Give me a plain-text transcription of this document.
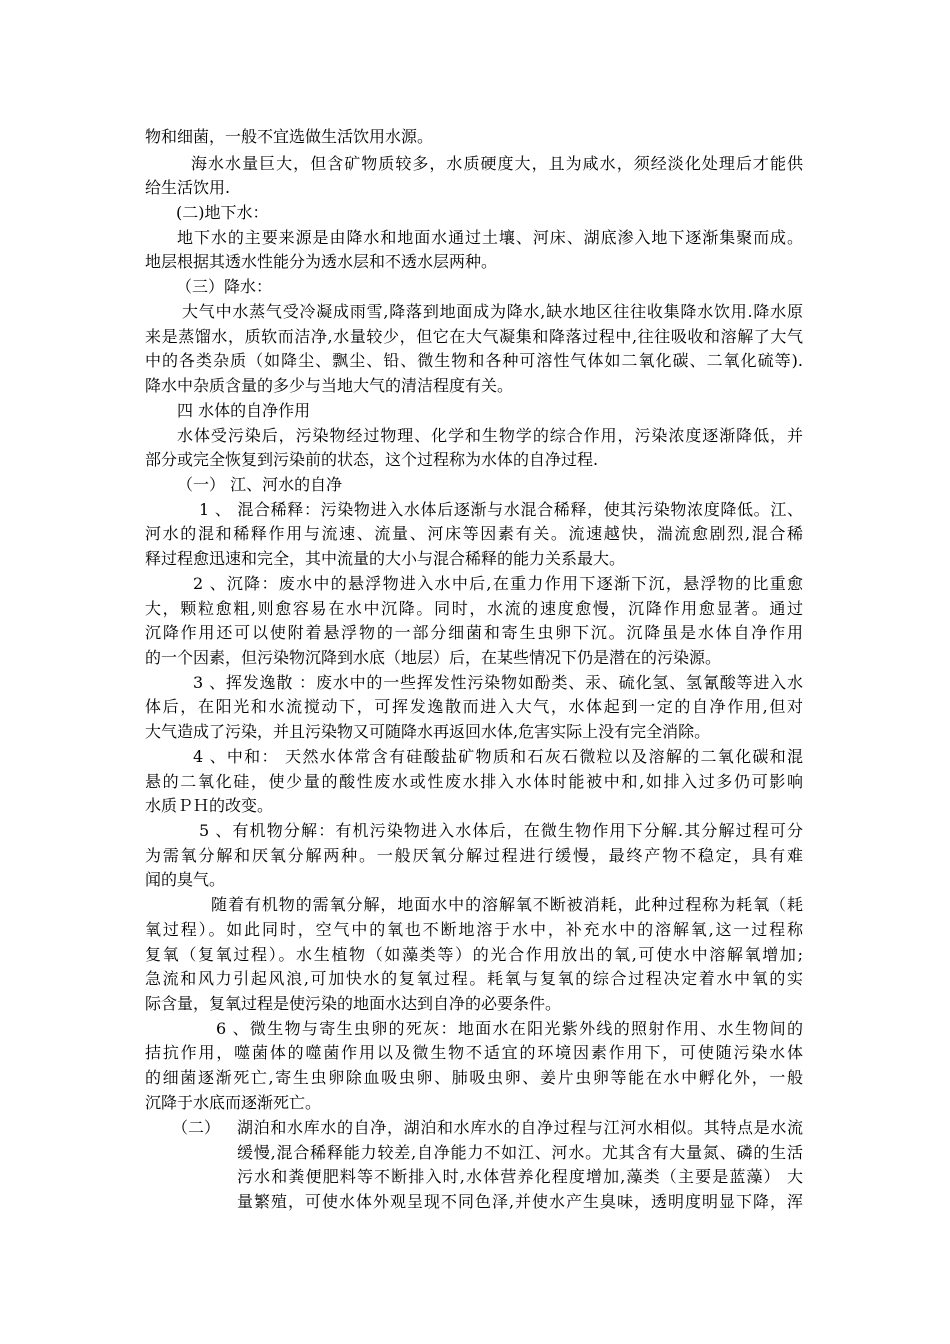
物和细菌，一般不宜选做生活饮用水源。
海水水量巨大，但含矿物质较多，水质硬度大，且为咸水，须经淡化处理后才能供
给生活饮用.
(二)地下水：
地下水的主要来源是由降水和地面水通过土壤、河床、湖底渗入地下逐渐集聚而成。
地层根据其透水性能分为透水层和不透水层两种。
（三）降水：
大气中水蒸气受冷凝成雨雪,降落到地面成为降水,缺水地区往往收集降水饮用.降水原
来是蒸馏水，质软而洁净,水量较少，但它在大气凝集和降落过程中,往往吸收和溶解了大气
中的各类杂质（如降尘、飘尘、铅、微生物和各种可溶性气体如二氧化碳、二氧化硫等).
降水中杂质含量的多少与当地大气的清洁程度有关。
四 水体的自净作用
水体受污染后，污染物经过物理、化学和生物学的综合作用，污染浓度逐渐降低，并
部分或完全恢复到污染前的状态，这个过程称为水体的自净过程.
（一） 江、河水的自净
1 、 混合稀释：污染物进入水体后逐渐与水混合稀释，使其污染物浓度降低。江、
河水的混和稀释作用与流速、流量、河床等因素有关。流速越快，湍流愈剧烈,混合稀
释过程愈迅速和完全，其中流量的大小与混合稀释的能力关系最大。
2 、沉降：废水中的悬浮物进入水中后,在重力作用下逐渐下沉，悬浮物的比重愈
大，颗粒愈粗,则愈容易在水中沉降。同时，水流的速度愈慢，沉降作用愈显著。通过
沉降作用还可以使附着悬浮物的一部分细菌和寄生虫卵下沉。沉降虽是水体自净作用
的一个因素，但污染物沉降到水底（地层）后，在某些情况下仍是潜在的污染源。
3 、挥发逸散 ：废水中的一些挥发性污染物如酚类、汞、硫化氢、氢氰酸等进入水
体后，在阳光和水流搅动下，可挥发逸散而进入大气，水体起到一定的自净作用,但对
大气造成了污染，并且污染物又可随降水再返回水体,危害实际上没有完全消除。
4 、中和： 天然水体常含有硅酸盐矿物质和石灰石微粒以及溶解的二氧化碳和混
悬的二氧化硅，使少量的酸性废水或性废水排入水体时能被中和,如排入过多仍可影响
水质ＰＨ的改变。
5 、有机物分解：有机污染物进入水体后，在微生物作用下分解.其分解过程可分
为需氧分解和厌氧分解两种。一般厌氧分解过程进行缓慢，最终产物不稳定，具有难
闻的臭气。
随着有机物的需氧分解，地面水中的溶解氧不断被消耗，此种过程称为耗氧（耗
氧过程）。如此同时，空气中的氧也不断地溶于水中，补充水中的溶解氧,这一过程称
复氧（复氧过程）。水生植物（如藻类等）的光合作用放出的氧,可使水中溶解氧增加;
急流和风力引起风浪,可加快水的复氧过程。耗氧与复氧的综合过程决定着水中氧的实
际含量，复氧过程是使污染的地面水达到自净的必要条件。
6 、微生物与寄生虫卵的死灰：地面水在阳光紫外线的照射作用、水生物间的
拮抗作用，噬菌体的噬菌作用以及微生物不适宜的环境因素作用下，可使随污染水体
的细菌逐渐死亡,寄生虫卵除血吸虫卵、肺吸虫卵、姜片虫卵等能在水中孵化外，一般
沉降于水底而逐渐死亡。
（二） 湖泊和水库水的自净，湖泊和水库水的自净过程与江河水相似。其特点是水流
缓慢,混合稀释能力较差,自净能力不如江、河水。尤其含有大量氮、磷的生活
污水和粪便肥料等不断排入时,水体营养化程度增加,藻类（主要是蓝藻） 大
量繁殖，可使水体外观呈现不同色泽,并使水产生臭味，透明度明显下降，浑
